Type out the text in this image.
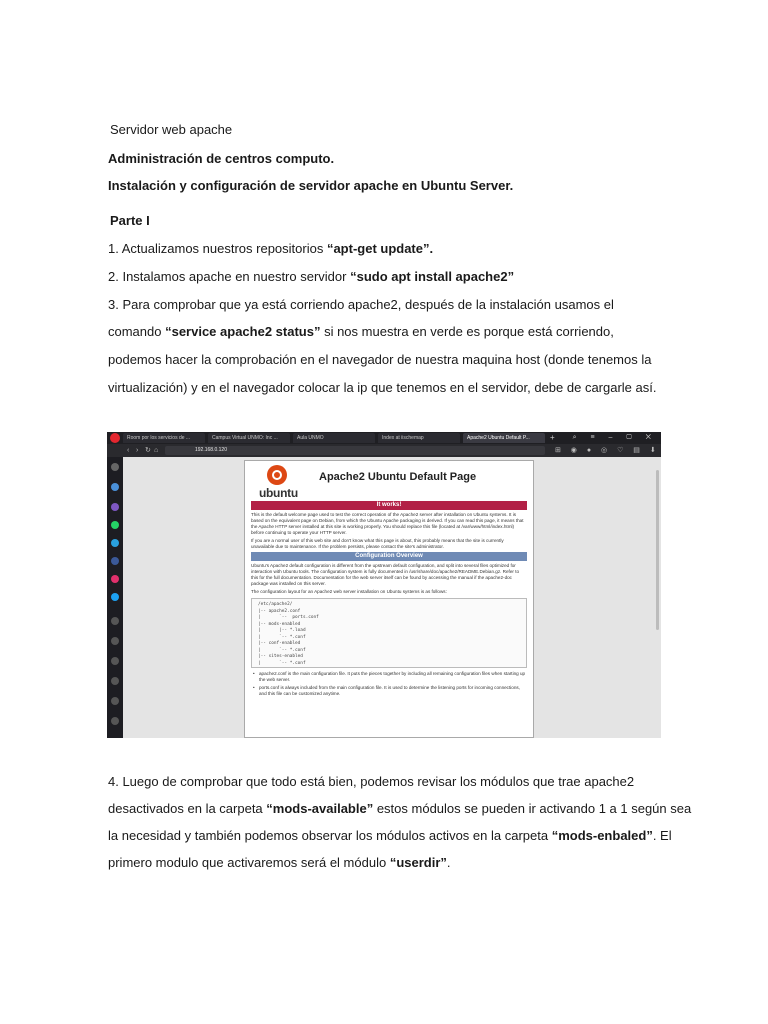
Servidor web apache
Administración de centros computo.
Instalación y configuración de servidor apache en Ubuntu Server.
Parte I
1. Actualizamos nuestros repositorios “apt-get update”.
2. Instalamos apache en nuestro servidor “sudo apt install apache2”
3. Para comprobar que ya está corriendo apache2, después de la instalación usamos el
comando “service apache2 status” si nos muestra en verde es porque está corriendo,
podemos hacer la comprobación en el navegador de nuestra maquina host (donde tenemos la
virtualización) y en el navegador colocar la ip que tenemos en el servidor, debe de cargarle así.
Room por los servicios de ...	Campus Virtual UNMO: Inc ...	Aula UNMO	Index at iischemap	Apache2 Ubuntu Default P...	+	⌕ ≡ – ▢ ✕
‹ › ↻ ⌂	192.168.0.120	⊞ ◉ ● ◎ ♡ ▤ ⬇
ubuntu
Apache2 Ubuntu Default Page
It works!
This is the default welcome page used to test the correct operation of the Apache2 server after installation on Ubuntu systems. It is based on the equivalent page on Debian, from which the Ubuntu Apache packaging is derived. If you can read this page, it means that the Apache HTTP server installed at this site is working properly. You should replace this file (located at /var/www/html/index.html) before continuing to operate your HTTP server.
If you are a normal user of this web site and don't know what this page is about, this probably means that the site is currently unavailable due to maintenance. If the problem persists, please contact the site's administrator.
Configuration Overview
Ubuntu's Apache2 default configuration is different from the upstream default configuration, and split into several files optimized for interaction with Ubuntu tools. The configuration system is fully documented in /usr/share/doc/apache2/README.Debian.gz. Refer to this for the full documentation. Documentation for the web server itself can be found by accessing the manual if the apache2-doc package was installed on this server.
The configuration layout for an Apache2 web server installation on Ubuntu systems is as follows:
/etc/apache2/
|-- apache2.conf
|       `--  ports.conf
|-- mods-enabled
|       |-- *.load
|       `-- *.conf
|-- conf-enabled
|       `-- *.conf
|-- sites-enabled
|       `-- *.conf
• apache2.conf is the main configuration file. It puts the pieces together by including all remaining configuration files when starting up the web server.
• ports.conf is always included from the main configuration file. It is used to determine the listening ports for incoming connections, and this file can be customized anytime.
4. Luego de comprobar que todo está bien, podemos revisar los módulos que trae apache2
desactivados en la carpeta “mods-available” estos módulos se pueden ir activando 1 a 1 según sea
la necesidad y también podemos observar los módulos activos en la carpeta “mods-enbaled”. El
primero modulo que activaremos será el módulo “userdir”.
